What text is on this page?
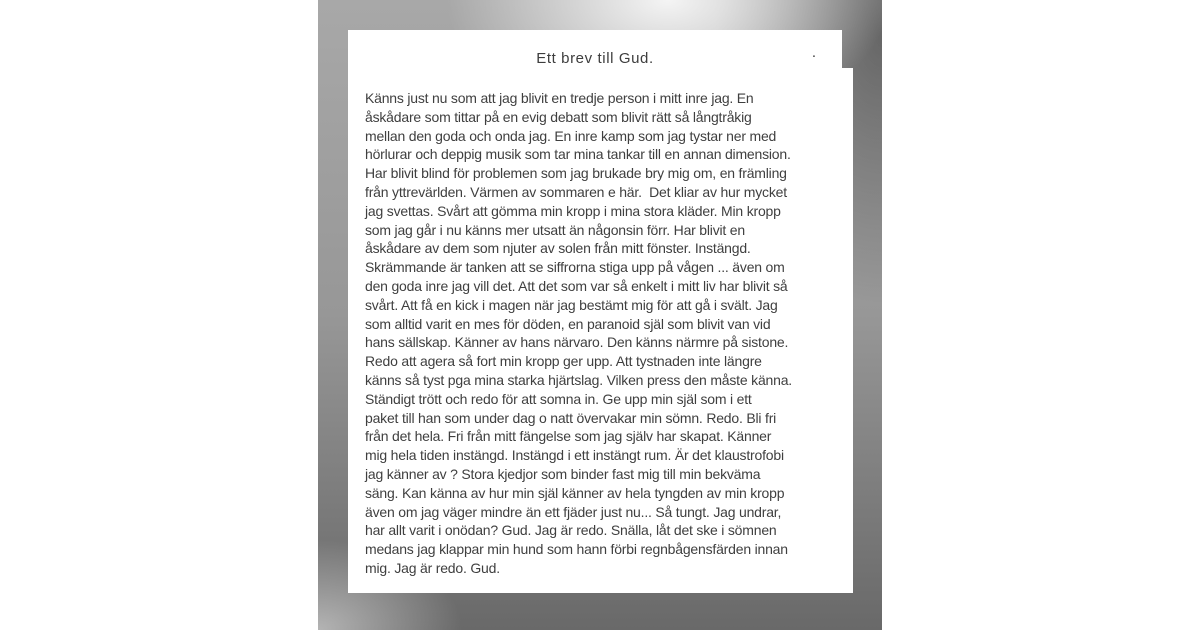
Ett brev till Gud.	.
Känns just nu som att jag blivit en tredje person i mitt inre jag. En
åskådare som tittar på en evig debatt som blivit rätt så långtråkig
mellan den goda och onda jag. En inre kamp som jag tystar ner med
hörlurar och deppig musik som tar mina tankar till en annan dimension.
Har blivit blind för problemen som jag brukade bry mig om, en främling
från yttrevärlden. Värmen av sommaren e här.  Det kliar av hur mycket
jag svettas. Svårt att gömma min kropp i mina stora kläder. Min kropp
som jag går i nu känns mer utsatt än någonsin förr. Har blivit en
åskådare av dem som njuter av solen från mitt fönster. Instängd.
Skrämmande är tanken att se siffrorna stiga upp på vågen ... även om
den goda inre jag vill det. Att det som var så enkelt i mitt liv har blivit så
svårt. Att få en kick i magen när jag bestämt mig för att gå i svält. Jag
som alltid varit en mes för döden, en paranoid själ som blivit van vid
hans sällskap. Känner av hans närvaro. Den känns närmre på sistone.
Redo att agera så fort min kropp ger upp. Att tystnaden inte längre
känns så tyst pga mina starka hjärtslag. Vilken press den måste känna.
Ständigt trött och redo för att somna in. Ge upp min själ som i ett
paket till han som under dag o natt övervakar min sömn. Redo. Bli fri
från det hela. Fri från mitt fängelse som jag själv har skapat. Känner
mig hela tiden instängd. Instängd i ett instängt rum. Är det klaustrofobi
jag känner av ? Stora kjedjor som binder fast mig till min bekväma
säng. Kan känna av hur min själ känner av hela tyngden av min kropp
även om jag väger mindre än ett fjäder just nu... Så tungt. Jag undrar,
har allt varit i onödan? Gud. Jag är redo. Snälla, låt det ske i sömnen
medans jag klappar min hund som hann förbi regnbågensfärden innan
mig. Jag är redo. Gud.
